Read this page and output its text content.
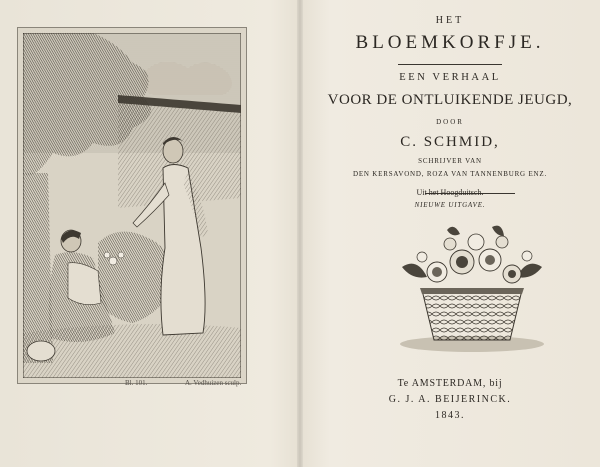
Bl. 101.	A. Vedhuizen sculp.
HET
BLOEMKORFJE.
EEN VERHAAL
VOOR DE ONTLUIKENDE JEUGD,
DOOR
C. SCHMID,
SCHRIJVER VAN
DEN KERSAVOND, ROZA VAN TANNENBURG ENZ.
Uit het Hoogduitsch.
NIEUWE UITGAVE.
Te AMSTERDAM, bij
G. J. A. BEIJERINCK.
1843.
